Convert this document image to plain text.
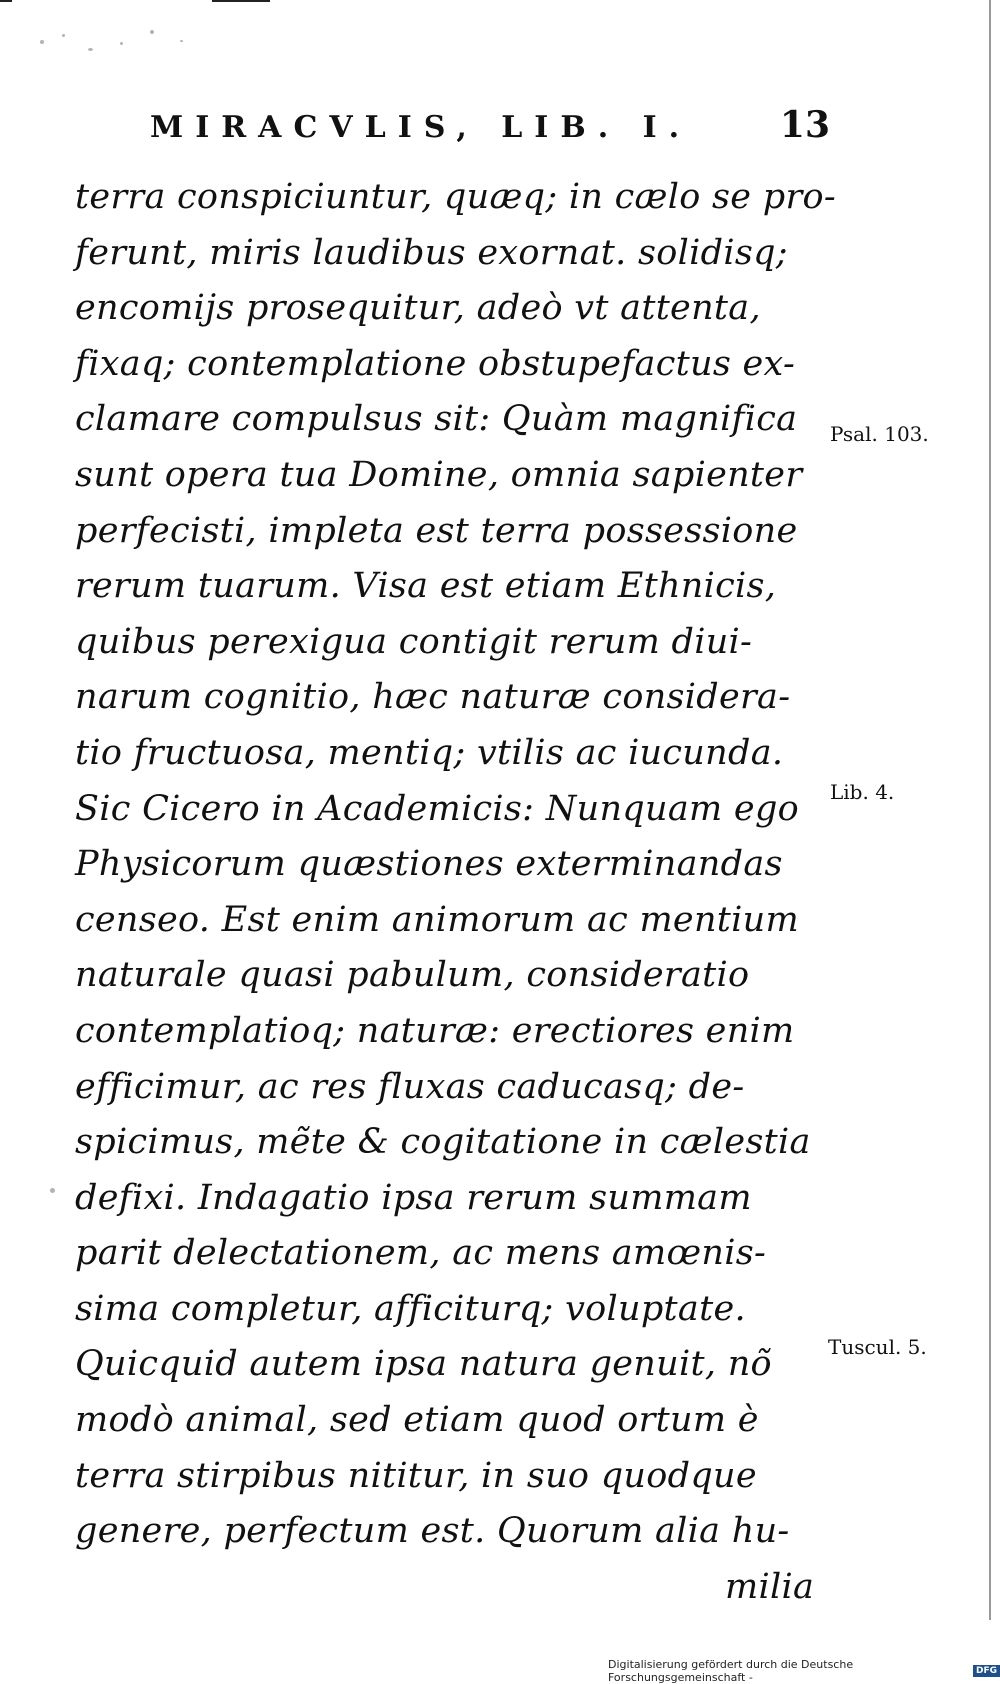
MIRACVLIS, LIB. I. 13
terra conspiciuntur, quæq; in cælo se pro-
ferunt, miris laudibus exornat. solidisq;
encomijs prosequitur, adeò vt attenta,
fixaq; contemplatione obstupefactus ex-
clamare compulsus sit: Quàm magnifica
sunt opera tua Domine, omnia sapienter
perfecisti, impleta est terra possessione
rerum tuarum. Visa est etiam Ethnicis,
quibus perexigua contigit rerum diui-
narum cognitio, hæc naturæ considera-
tio fructuosa, mentiq; vtilis ac iucunda.
Sic Cicero in Academicis: Nunquam ego
Physicorum quæstiones exterminandas
censeo. Est enim animorum ac mentium
naturale quasi pabulum, consideratio
contemplatioq; naturæ: erectiores enim
efficimur, ac res fluxas caducasq; de-
spicimus, mẽte & cogitatione in cælestia
defixi. Indagatio ipsa rerum summam
parit delectationem, ac mens amœnis-
sima completur, afficiturq; voluptate.
Quicquid autem ipsa natura genuit, nõ
modò animal, sed etiam quod ortum è
terra stirpibus nititur, in suo quodque
genere, perfectum est. Quorum alia hu-
milia
Psal. 103.
Lib. 4.
Tuscul. 5.
Digitalisierung gefördert durch die Deutsche Forschungsgemeinschaft -	DFG
